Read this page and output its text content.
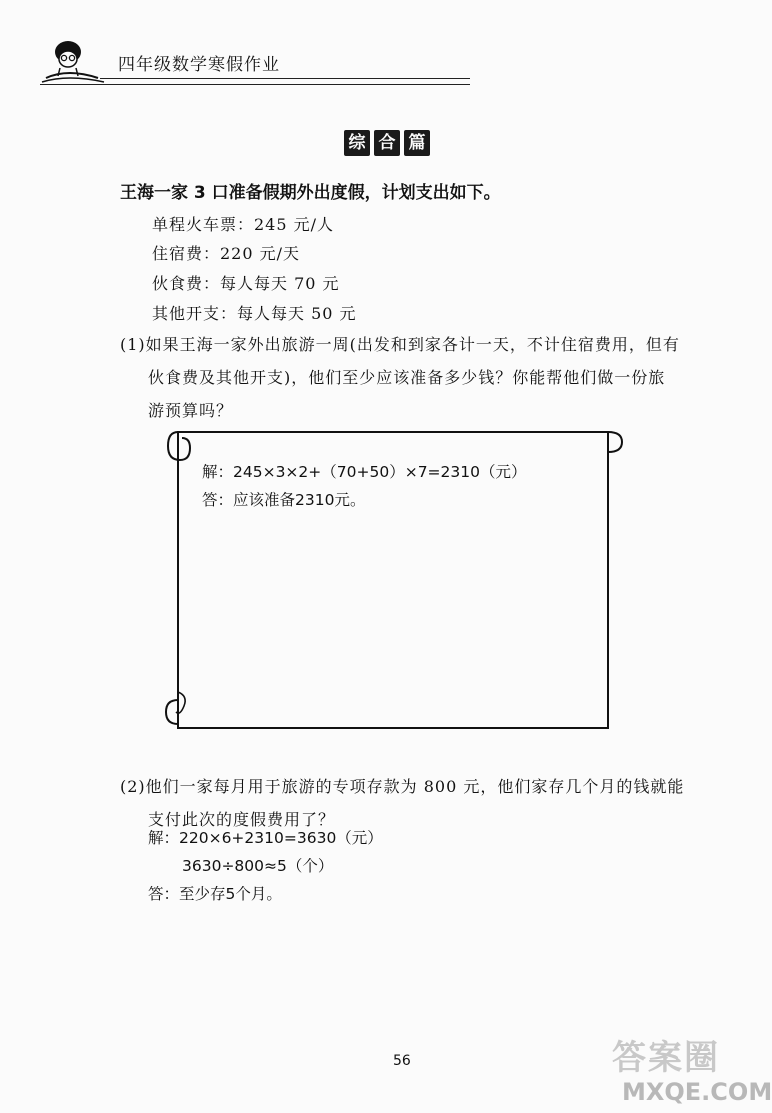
四年级数学寒假作业
综 合 篇
王海一家 3 口准备假期外出度假，计划支出如下。
单程火车票：245 元/人
住宿费：220 元/天
伙食费：每人每天 70 元
其他开支：每人每天 50 元
(1)如果王海一家外出旅游一周(出发和到家各计一天，不计住宿费用，但有
伙食费及其他开支)，他们至少应该准备多少钱？你能帮他们做一份旅
游预算吗？
解：245×3×2+（70+50）×7=2310（元）
答：应该准备2310元。
(2)他们一家每月用于旅游的专项存款为 800 元，他们家存几个月的钱就能
支付此次的度假费用了？
解：220×6+2310=3630（元）
3630÷800≈5（个）
答：至少存5个月。
56	答案圈
MXQE.COM
